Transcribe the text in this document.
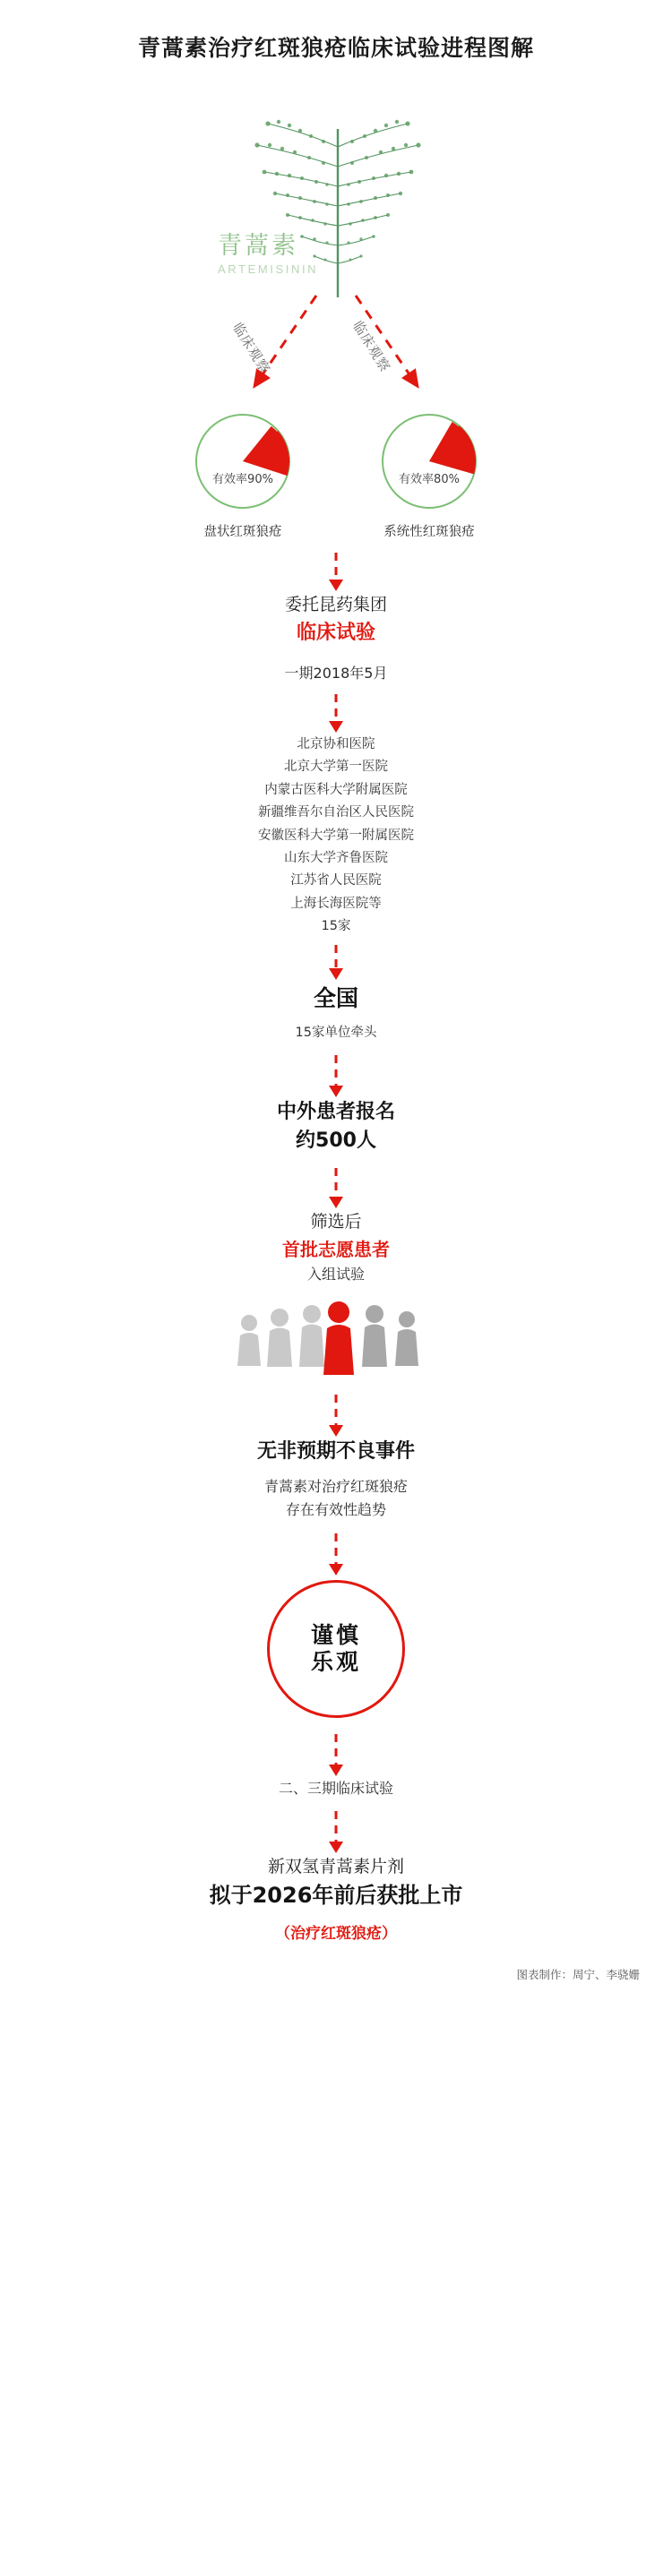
青蒿素治疗红斑狼疮临床试验进程图解
青蒿素
ARTEMISININ
临床观察	临床观察
有效率90%
盘状红斑狼疮
有效率80%
系统性红斑狼疮
委托昆药集团
临床试验
一期2018年5月
北京协和医院
北京大学第一医院
内蒙古医科大学附属医院
新疆维吾尔自治区人民医院
安徽医科大学第一附属医院
山东大学齐鲁医院
江苏省人民医院
上海长海医院等
15家
全国
15家单位牵头
中外患者报名
约500人
筛选后
首批志愿患者
入组试验
无非预期不良事件
青蒿素对治疗红斑狼疮
存在有效性趋势
谨慎
乐观
二、三期临床试验
新双氢青蒿素片剂
拟于2026年前后获批上市
（治疗红斑狼疮）
图表制作：周宁、李骁姗
